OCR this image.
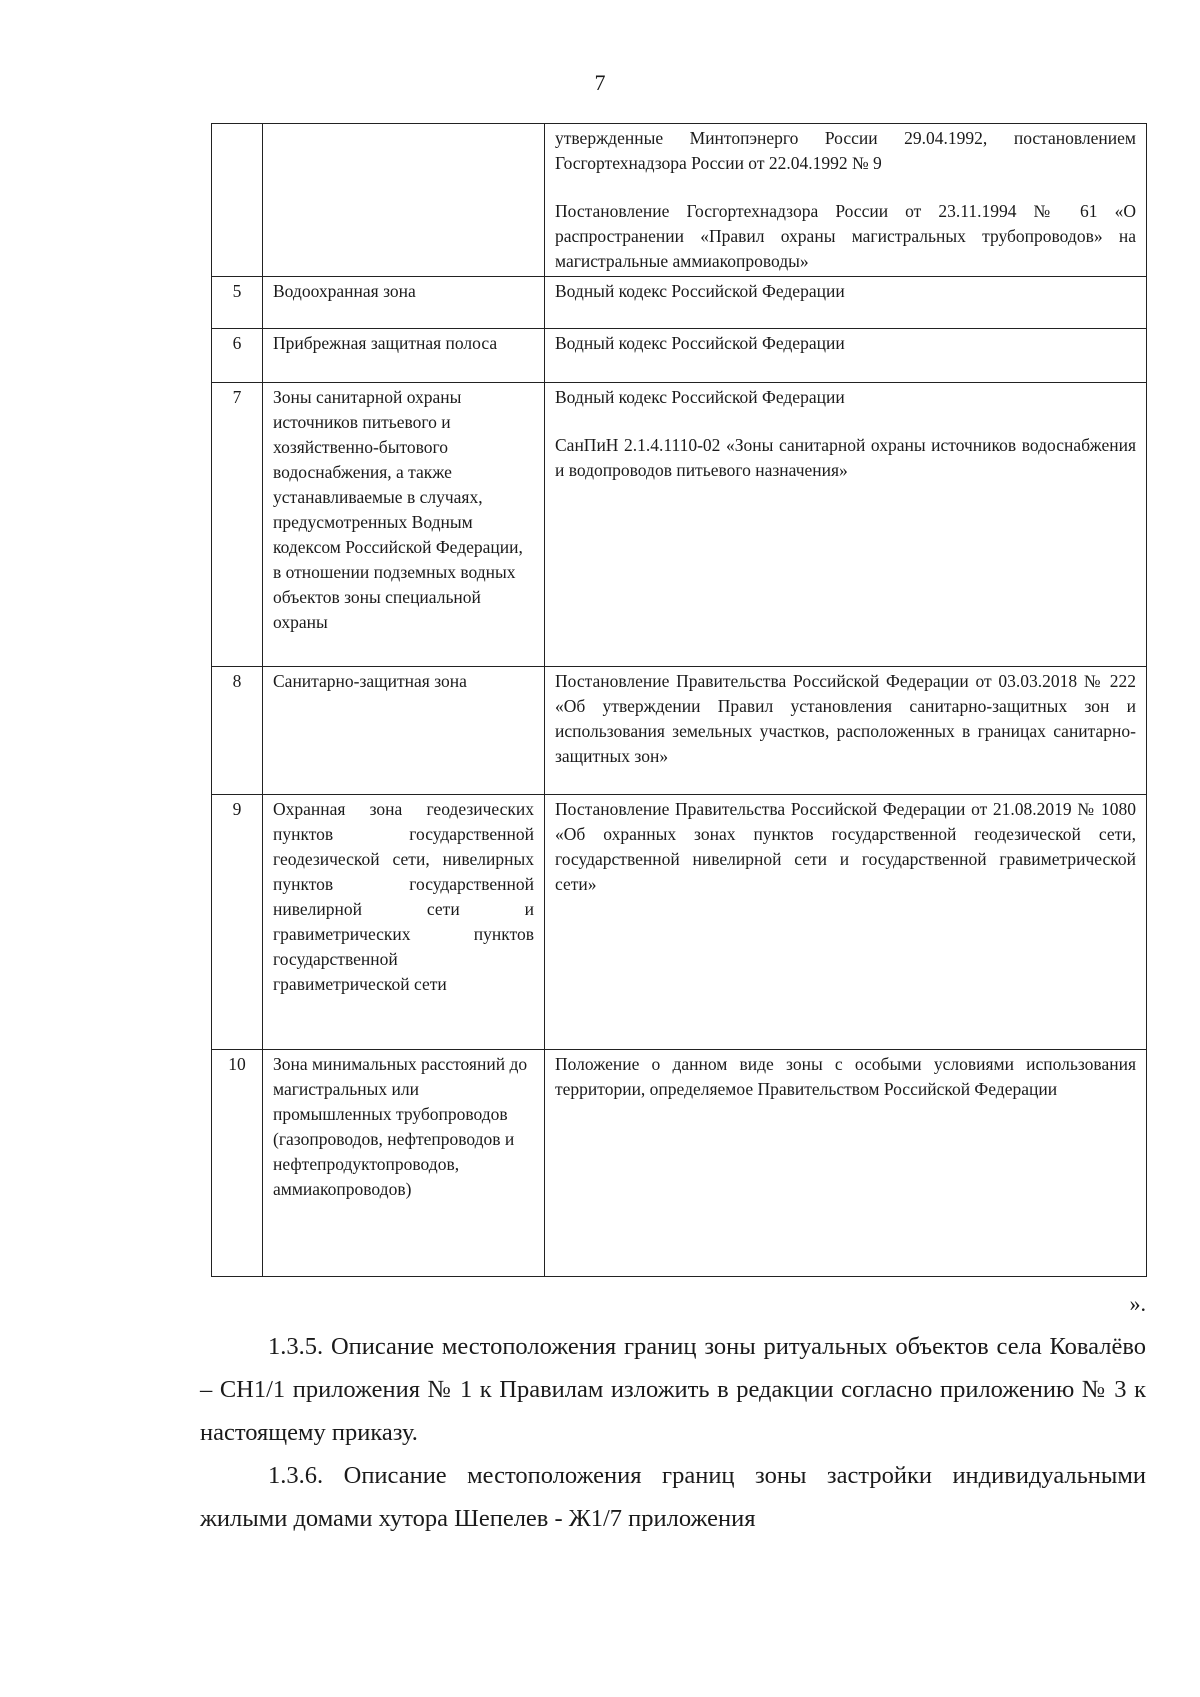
7

		утвержденные Минтопэнерго России 29.04.1992, постановлением Госгортехнадзора России от 22.04.1992 № 9

Постановление Госгортехнадзора России от 23.11.1994 № 61 «О распространении «Правил охраны магистральных трубопроводов» на магистральные аммиакопроводы»

5	Водоохранная зона	Водный кодекс Российской Федерации

6	Прибрежная защитная полоса	Водный кодекс Российской Федерации

7	Зоны санитарной охраны источников питьевого и хозяйственно-бытового водоснабжения, а также устанавливаемые в случаях, предусмотренных Водным кодексом Российской Федерации, в отношении подземных водных объектов зоны специальной охраны	Водный кодекс Российской Федерации

СанПиН 2.1.4.1110-02 «Зоны санитарной охраны источников водоснабжения и водопроводов питьевого назначения»

8	Санитарно-защитная зона	Постановление Правительства Российской Федерации от 03.03.2018 № 222 «Об утверждении Правил установления санитарно-защитных зон и использования земельных участков, расположенных в границах санитарно-защитных зон»

9	Охранная зона геодезических пунктов государственной геодезической сети, нивелирных пунктов государственной нивелирной сети и гравиметрических пунктов государственной гравиметрической сети	Постановление Правительства Российской Федерации от 21.08.2019 № 1080 «Об охранных зонах пунктов государственной геодезической сети, государственной нивелирной сети и государственной гравиметрической сети»

10	Зона минимальных расстояний до магистральных или промышленных трубопроводов (газопроводов, нефтепроводов и нефтепродуктопроводов, аммиакопроводов)	Положение о данном виде зоны с особыми условиями использования территории, определяемое Правительством Российской Федерации

».

1.3.5. Описание местоположения границ зоны ритуальных объектов села Ковалёво – СН1/1 приложения № 1 к Правилам изложить в редакции согласно приложению № 3 к настоящему приказу.

1.3.6. Описание местоположения границ зоны застройки индивидуальными жилыми домами хутора Шепелев - Ж1/7 приложения
